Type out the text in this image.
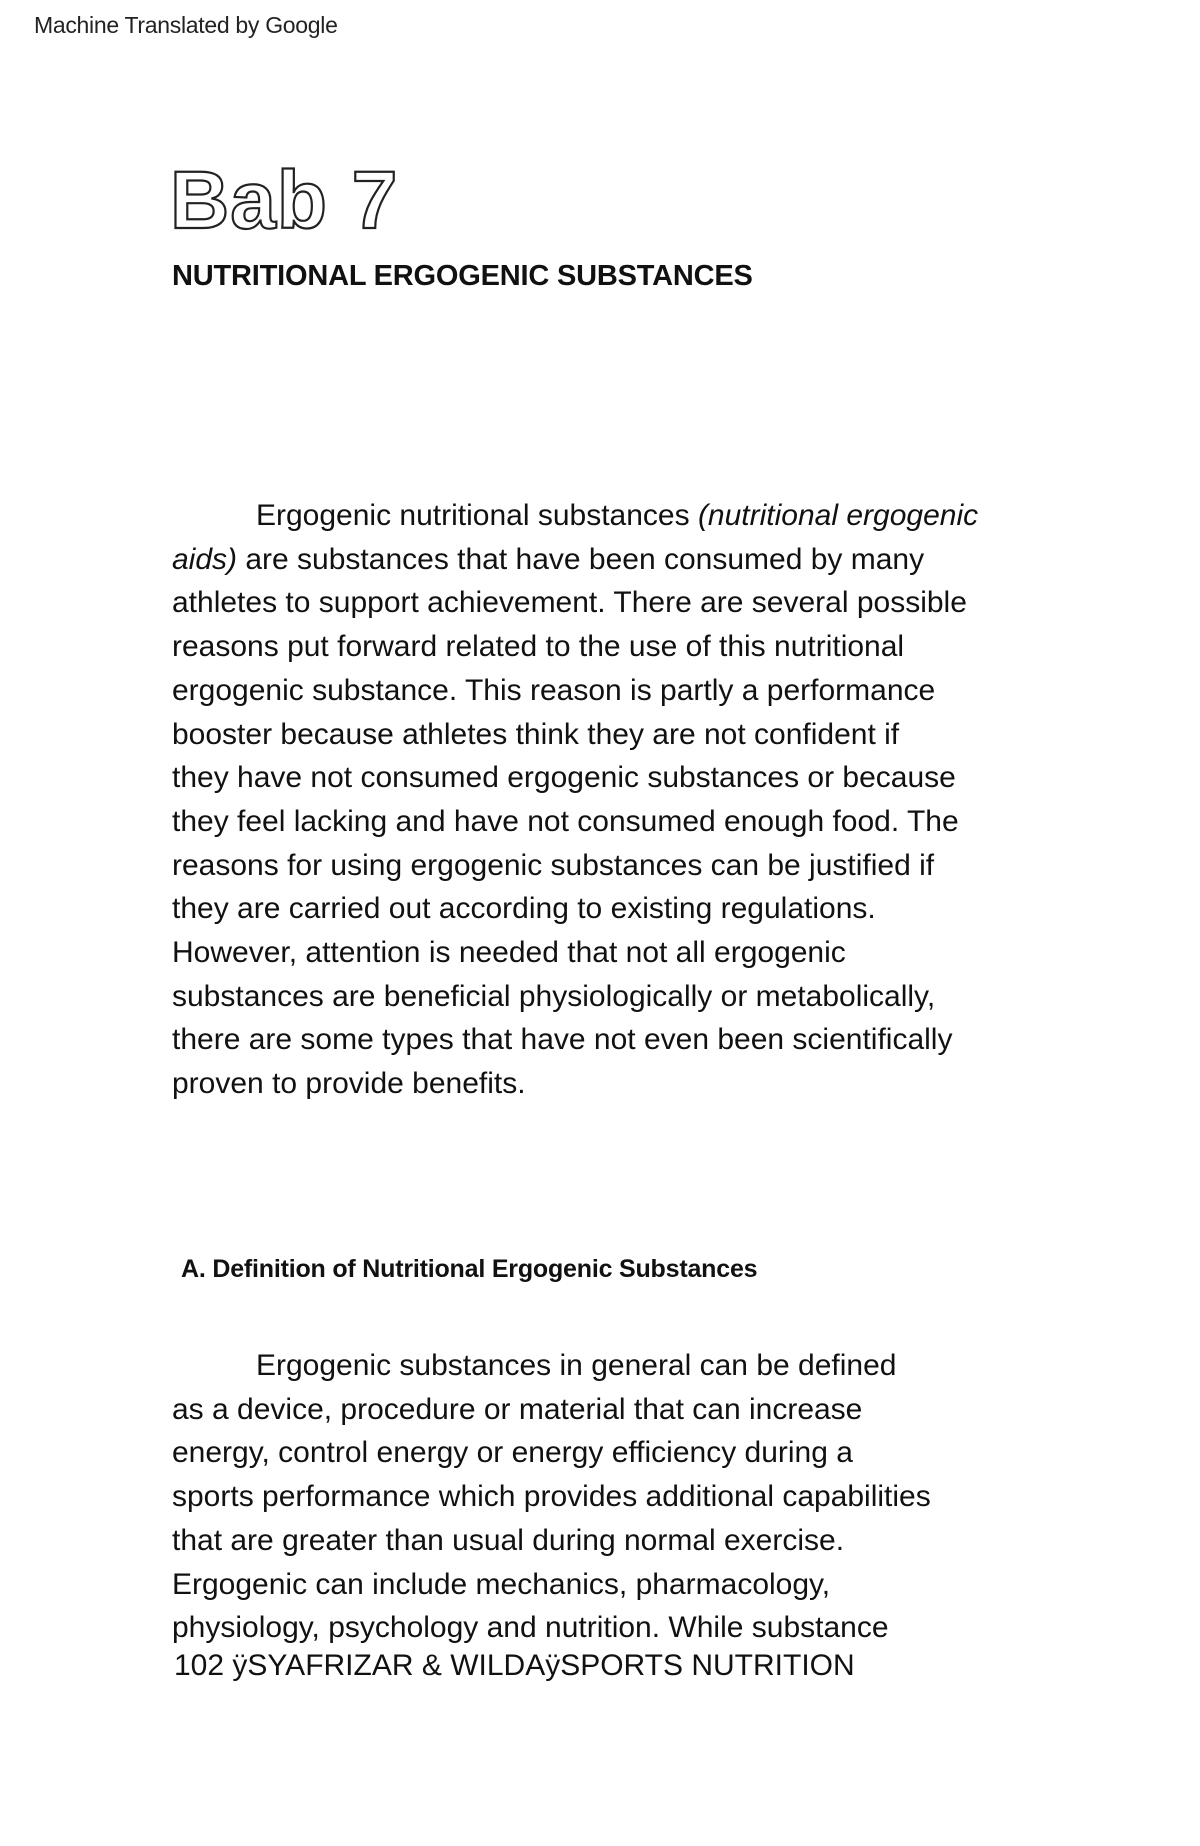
Machine Translated by Google
Bab 7
NUTRITIONAL ERGOGENIC SUBSTANCES
Ergogenic nutritional substances (nutritional ergogenic
aids) are substances that have been consumed by many
athletes to support achievement. There are several possible
reasons put forward related to the use of this nutritional
ergogenic substance. This reason is partly a performance
booster because athletes think they are not confident if
they have not consumed ergogenic substances or because
they feel lacking and have not consumed enough food. The
reasons for using ergogenic substances can be justified if
they are carried out according to existing regulations.
However, attention is needed that not all ergogenic
substances are beneficial physiologically or metabolically,
there are some types that have not even been scientifically
proven to provide benefits.
A. Definition of Nutritional Ergogenic Substances
Ergogenic substances in general can be defined
as a device, procedure or material that can increase
energy, control energy or energy efficiency during a
sports performance which provides additional capabilities
that are greater than usual during normal exercise.
Ergogenic can include mechanics, pharmacology,
physiology, psychology and nutrition. While substance
102 ÿSYAFRIZAR & WILDAÿSPORTS NUTRITION
